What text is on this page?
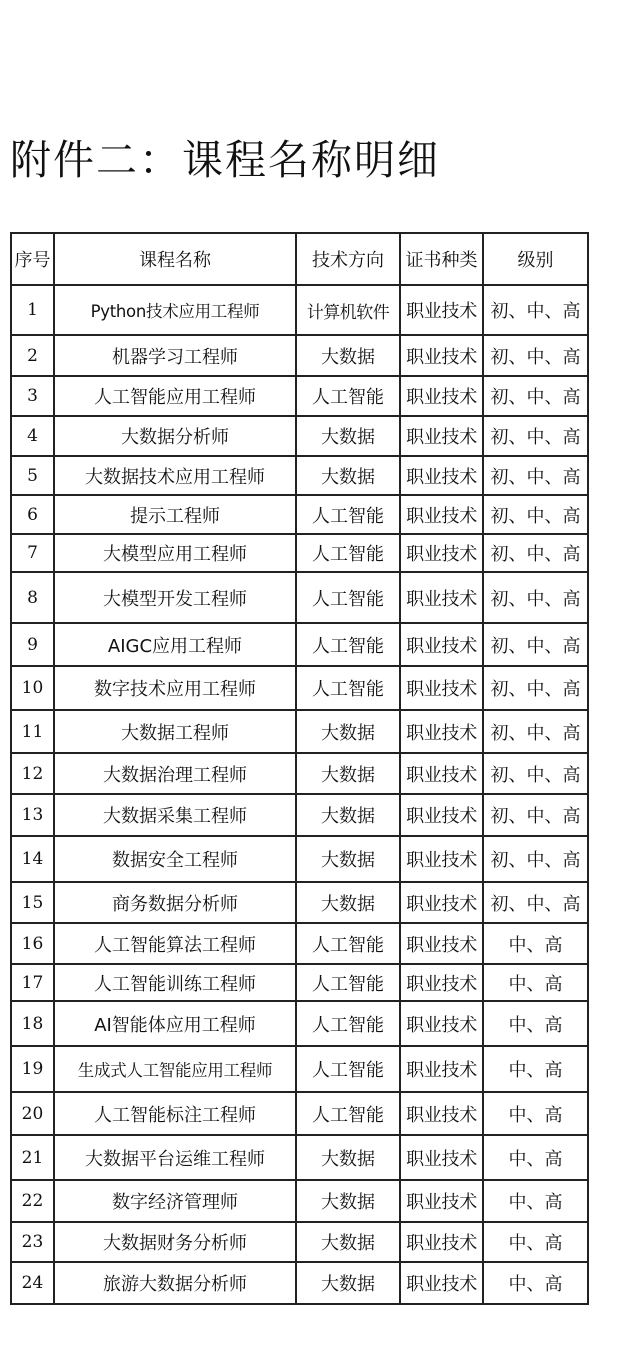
附件二：课程名称明细
序号	课程名称	技术方向	证书种类	级别
1	Python技术应用工程师	计算机软件	职业技术	初、中、高
2	机器学习工程师	大数据	职业技术	初、中、高
3	人工智能应用工程师	人工智能	职业技术	初、中、高
4	大数据分析师	大数据	职业技术	初、中、高
5	大数据技术应用工程师	大数据	职业技术	初、中、高
6	提示工程师	人工智能	职业技术	初、中、高
7	大模型应用工程师	人工智能	职业技术	初、中、高
8	大模型开发工程师	人工智能	职业技术	初、中、高
9	AIGC应用工程师	人工智能	职业技术	初、中、高
10	数字技术应用工程师	人工智能	职业技术	初、中、高
11	大数据工程师	大数据	职业技术	初、中、高
12	大数据治理工程师	大数据	职业技术	初、中、高
13	大数据采集工程师	大数据	职业技术	初、中、高
14	数据安全工程师	大数据	职业技术	初、中、高
15	商务数据分析师	大数据	职业技术	初、中、高
16	人工智能算法工程师	人工智能	职业技术	中、高
17	人工智能训练工程师	人工智能	职业技术	中、高
18	AI智能体应用工程师	人工智能	职业技术	中、高
19	生成式人工智能应用工程师	人工智能	职业技术	中、高
20	人工智能标注工程师	人工智能	职业技术	中、高
21	大数据平台运维工程师	大数据	职业技术	中、高
22	数字经济管理师	大数据	职业技术	中、高
23	大数据财务分析师	大数据	职业技术	中、高
24	旅游大数据分析师	大数据	职业技术	中、高
